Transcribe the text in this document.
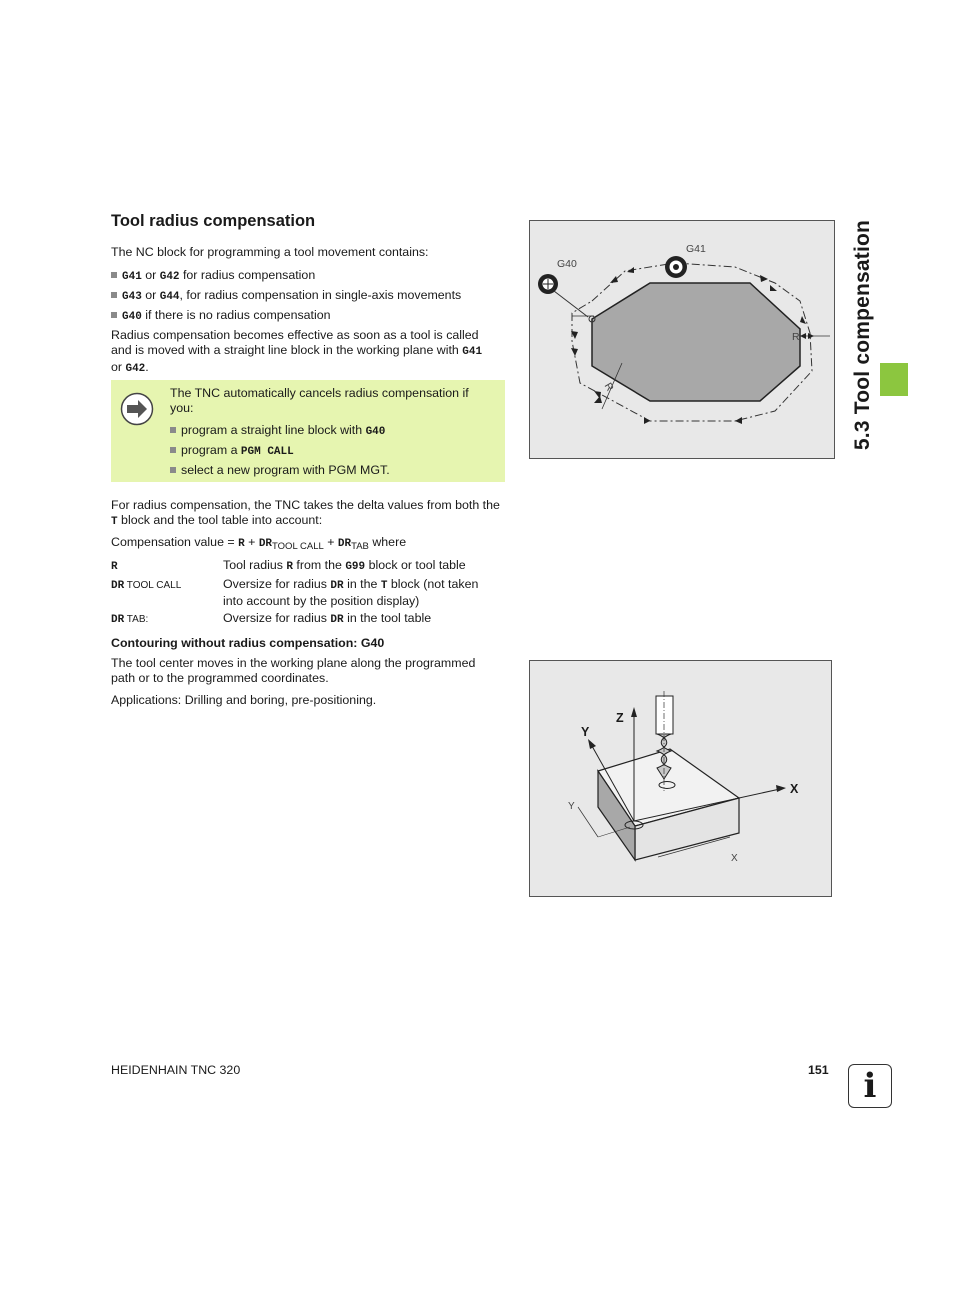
5.3 Tool compensation
Tool radius compensation
The NC block for programming a tool movement contains:
G41 or G42 for radius compensation
G43 or G44, for radius compensation in single-axis movements
G40 if there is no radius compensation
Radius compensation becomes effective as soon as a tool is called
and is moved with a straight line block in the working plane with G41
or G42.
The TNC automatically cancels radius compensation if
you:
program a straight line block with G40
program a PGM CALL
select a new program with PGM MGT.
For radius compensation, the TNC takes the delta values from both the
T block and the tool table into account:
Compensation value = $R + DR_{TOOL CALL} + DR_{TAB}$ where
R	Tool radius R from the G99 block or tool table
DR TOOL CALL	Oversize for radius DR in the T block (not taken
into account by the position display)
DR TAB:	Oversize for radius DR in the tool table
Contouring without radius compensation: G40
The tool center moves in the working plane along the programmed
path or to the programmed coordinates.
Applications: Drilling and boring, pre-positioning.
G40
G41
R
R
Z
Y
X
Y
X
HEIDENHAIN TNC 320	151 i
